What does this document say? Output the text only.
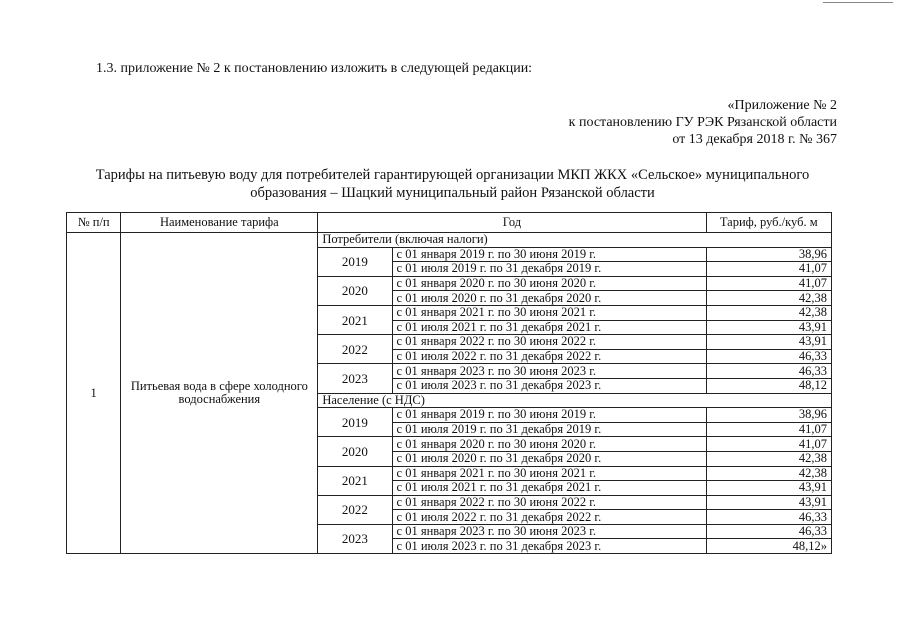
1.3. приложение № 2 к постановлению изложить в следующей редакции:
«Приложение № 2
к постановлению ГУ РЭК Рязанской области
от 13 декабря 2018 г. № 367
Тарифы на питьевую воду для потребителей гарантирующей организации МКП ЖКХ «Сельское» муниципального
образования – Шацкий муниципальный район Рязанской области
№ п/п	Наименование тарифа	Год		Тариф, руб./куб. м
1	Питьевая вода в сфере холодного водоснабжения	Потребители (включая налоги)		
		2019	с 01 января 2019 г. по 30 июня 2019 г.	38,96
			с 01 июля 2019 г. по 31 декабря 2019 г.	41,07
		2020	с 01 января 2020 г. по 30 июня 2020 г.	41,07
			с 01 июля 2020 г. по 31 декабря 2020 г.	42,38
		2021	с 01 января 2021 г. по 30 июня 2021 г.	42,38
			с 01 июля 2021 г. по 31 декабря 2021 г.	43,91
		2022	с 01 января 2022 г. по 30 июня 2022 г.	43,91
			с 01 июля 2022 г. по 31 декабря 2022 г.	46,33
		2023	с 01 января 2023 г. по 30 июня 2023 г.	46,33
			с 01 июля 2023 г. по 31 декабря 2023 г.	48,12
		Население (с НДС)		
		2019	с 01 января 2019 г. по 30 июня 2019 г.	38,96
			с 01 июля 2019 г. по 31 декабря 2019 г.	41,07
		2020	с 01 января 2020 г. по 30 июня 2020 г.	41,07
			с 01 июля 2020 г. по 31 декабря 2020 г.	42,38
		2021	с 01 января 2021 г. по 30 июня 2021 г.	42,38
			с 01 июля 2021 г. по 31 декабря 2021 г.	43,91
		2022	с 01 января 2022 г. по 30 июня 2022 г.	43,91
			с 01 июля 2022 г. по 31 декабря 2022 г.	46,33
		2023	с 01 января 2023 г. по 30 июня 2023 г.	46,33
			с 01 июля 2023 г. по 31 декабря 2023 г.	48,12»
